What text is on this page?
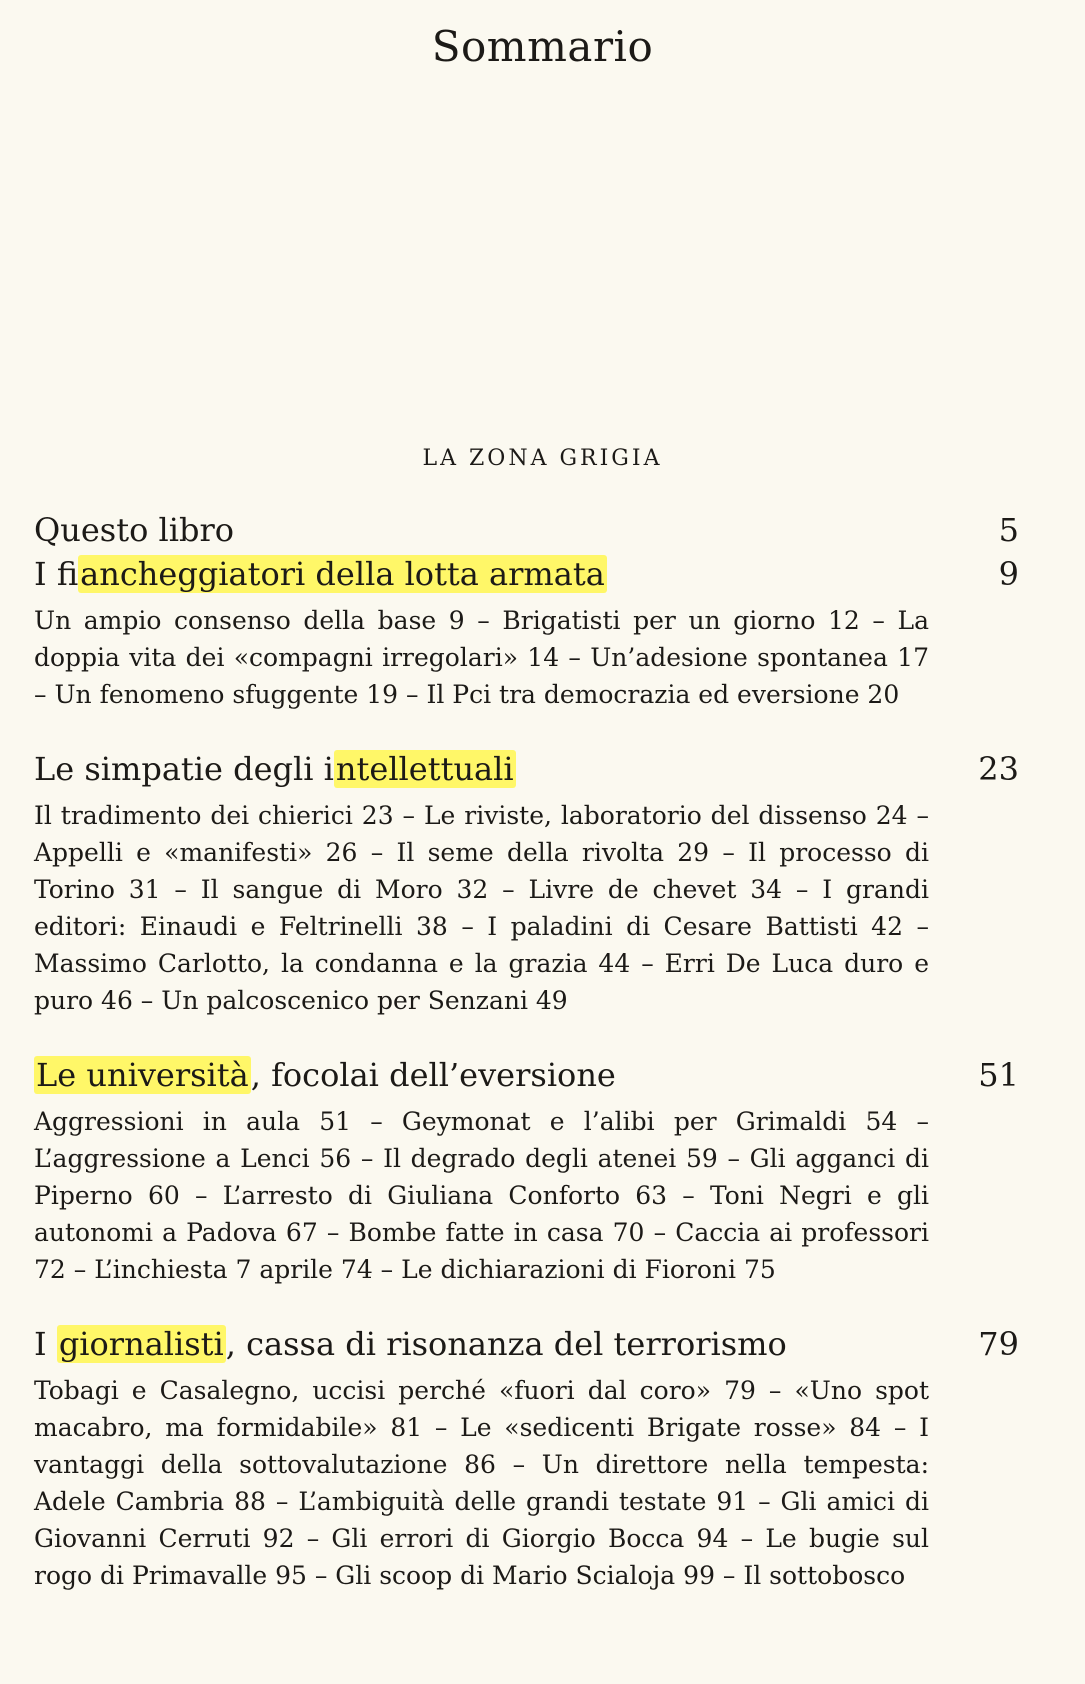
Sommario
LA ZONA GRIGIA
Questo libro	5
I fiancheggiatori della lotta armata	9

Un ampio consenso della base 9 – Brigatisti per un giorno 12 – La doppia vita dei «compagni irregolari» 14 – Un’adesione spontanea 17 – Un fenomeno sfuggente 19 – Il Pci tra democrazia ed eversione 20

Le simpatie degli intellettuali	23

Il tradimento dei chierici 23 – Le riviste, laboratorio del dissenso 24 – Appelli e «manifesti» 26 – Il seme della rivolta 29 – Il processo di Torino 31 – Il sangue di Moro 32 – Livre de chevet 34 – I grandi editori: Einaudi e Feltrinelli 38 – I paladini di Cesare Battisti 42 – Massimo Carlotto, la condanna e la grazia 44 – Erri De Luca duro e puro 46 – Un palcoscenico per Senzani 49

Le università, focolai dell’eversione	51

Aggressioni in aula 51 – Geymonat e l’alibi per Grimaldi 54 – L’aggressione a Lenci 56 – Il degrado degli atenei 59 – Gli agganci di Piperno 60 – L’arresto di Giuliana Conforto 63 – Toni Negri e gli autonomi a Padova 67 – Bombe fatte in casa 70 – Caccia ai professori 72 – L’inchiesta 7 aprile 74 – Le dichiarazioni di Fioroni 75

I giornalisti, cassa di risonanza del terrorismo	79

Tobagi e Casalegno, uccisi perché «fuori dal coro» 79 – «Uno spot macabro, ma formidabile» 81 – Le «sedicenti Brigate rosse» 84 – I vantaggi della sottovalutazione 86 – Un direttore nella tempesta: Adele Cambria 88 – L’ambiguità delle grandi testate 91 – Gli amici di Giovanni Cerruti 92 – Gli errori di Giorgio Bocca 94 – Le bugie sul rogo di Primavalle 95 – Gli scoop di Mario Scialoja 99 – Il sottobosco
